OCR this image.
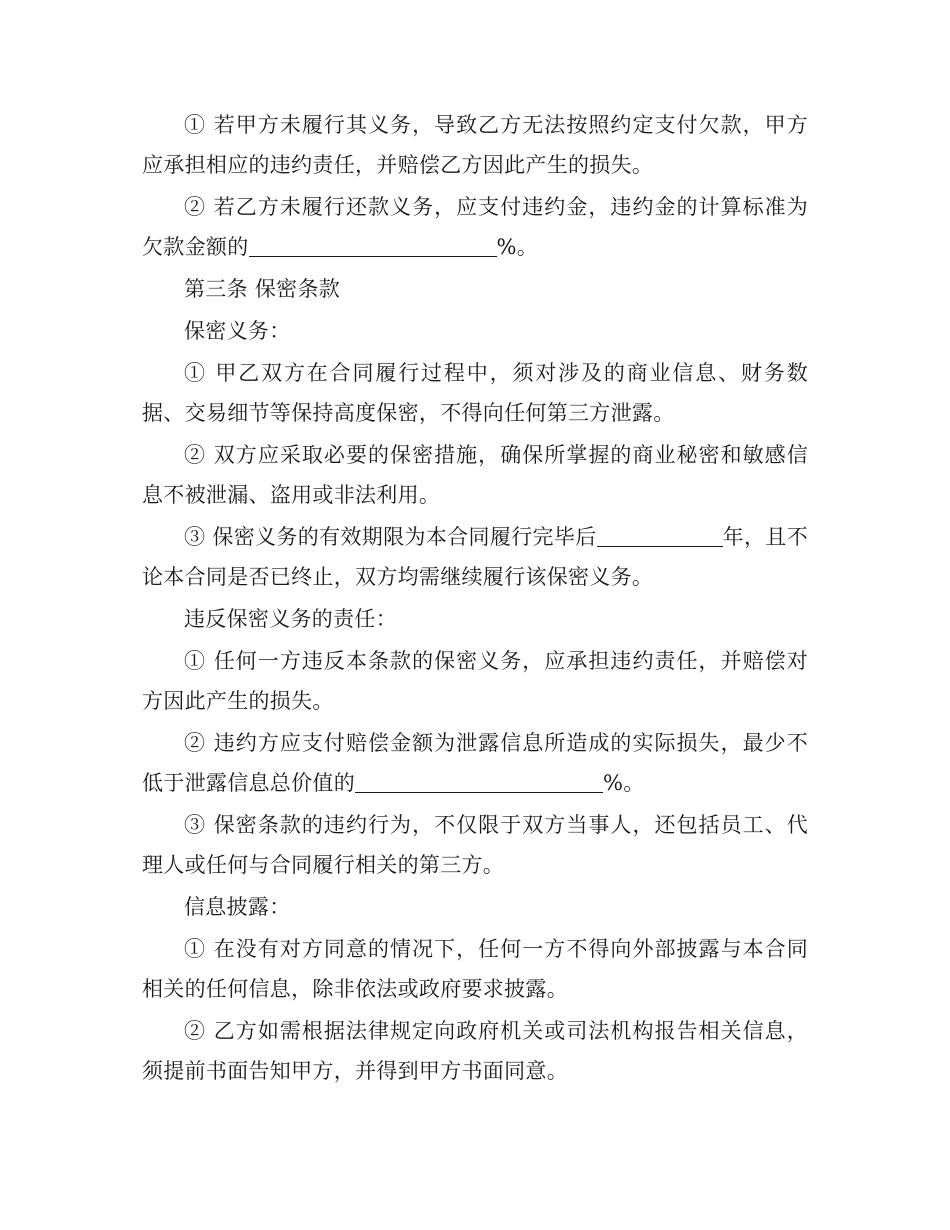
① 若甲方未履行其义务，导致乙方无法按照约定支付欠款，甲方应承担相应的违约责任，并赔偿乙方因此产生的损失。

② 若乙方未履行还款义务，应支付违约金，违约金的计算标准为欠款金额的	%。

第三条 保密条款

保密义务：

① 甲乙双方在合同履行过程中，须对涉及的商业信息、财务数据、交易细节等保持高度保密，不得向任何第三方泄露。

② 双方应采取必要的保密措施，确保所掌握的商业秘密和敏感信息不被泄漏、盗用或非法利用。

③ 保密义务的有效期限为本合同履行完毕后	年，且不论本合同是否已终止，双方均需继续履行该保密义务。

违反保密义务的责任：

① 任何一方违反本条款的保密义务，应承担违约责任，并赔偿对方因此产生的损失。

② 违约方应支付赔偿金额为泄露信息所造成的实际损失，最少不低于泄露信息总价值的	%。

③ 保密条款的违约行为，不仅限于双方当事人，还包括员工、代理人或任何与合同履行相关的第三方。

信息披露：

① 在没有对方同意的情况下，任何一方不得向外部披露与本合同相关的任何信息，除非依法或政府要求披露。

② 乙方如需根据法律规定向政府机关或司法机构报告相关信息，须提前书面告知甲方，并得到甲方书面同意。
